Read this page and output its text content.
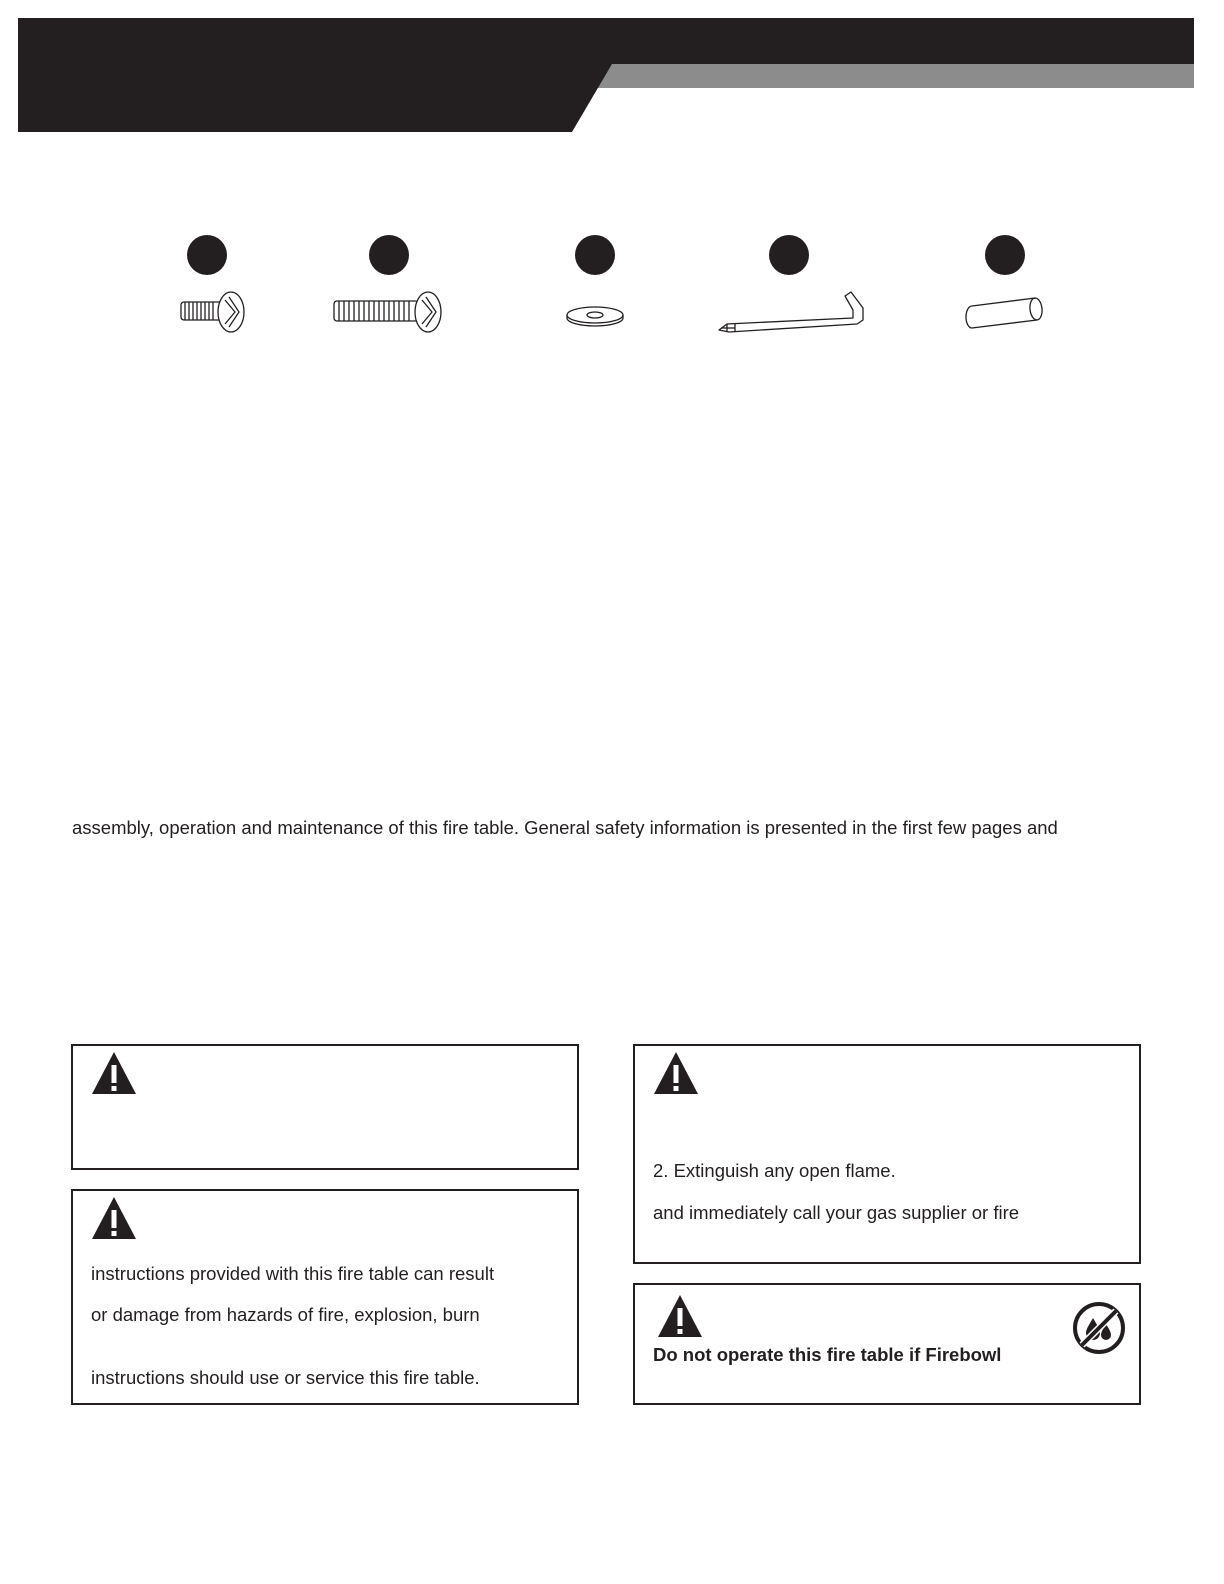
assembly, operation and maintenance of this fire table. General safety information is presented in the first few pages and
instructions provided with this fire table can result
or damage from hazards of fire, explosion, burn
instructions should use or service this fire table.
2. Extinguish any open flame.
and immediately call your gas supplier or fire
Do not operate this fire table if Firebowl
